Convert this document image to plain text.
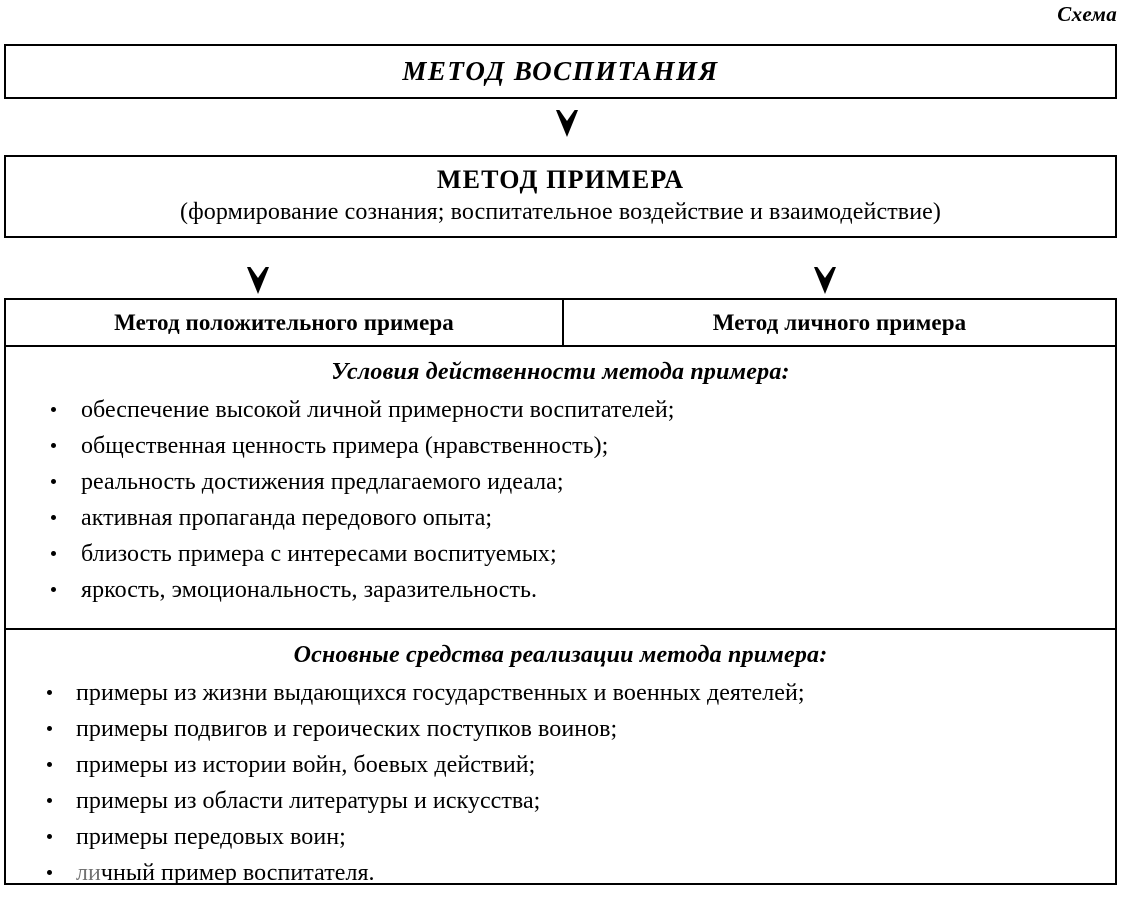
Схема
МЕТОД ВОСПИТАНИЯ
МЕТОД ПРИМЕРА
(формирование сознания; воспитательное воздействие и взаимодействие)
Метод положительного примера	Метод личного примера
Условия действенности метода примера:
обеспечение высокой личной примерности воспитателей;
общественная ценность примера (нравственность);
реальность достижения предлагаемого идеала;
активная пропаганда передового опыта;
близость примера с интересами воспитуемых;
яркость, эмоциональность, заразительность.
Основные средства реализации метода примера:
примеры из жизни выдающихся государственных и военных деятелей;
примеры подвигов и героических поступков воинов;
примеры из истории войн, боевых действий;
примеры из области литературы и искусства;
примеры передовых воин;
личный пример воспитателя.
